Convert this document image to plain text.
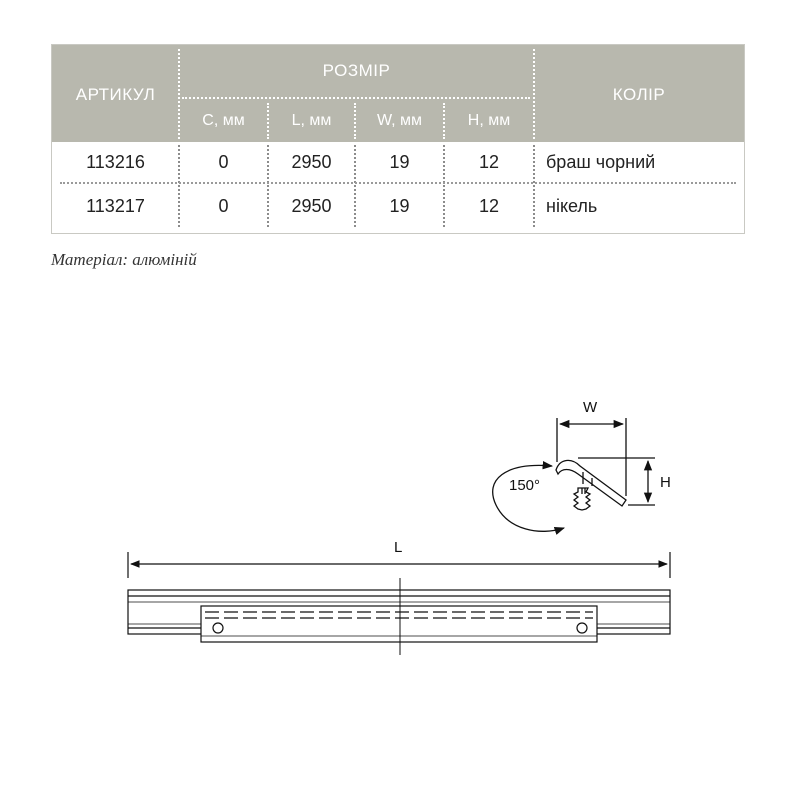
АРТИКУЛ
РОЗМІР
КОЛІР
С, мм	L, мм	W, мм	H, мм
113216	0	2950	19	12	браш чорний
113217	0	2950	19	12	нікель
Матеріал: алюміній
W
H
150°
L
